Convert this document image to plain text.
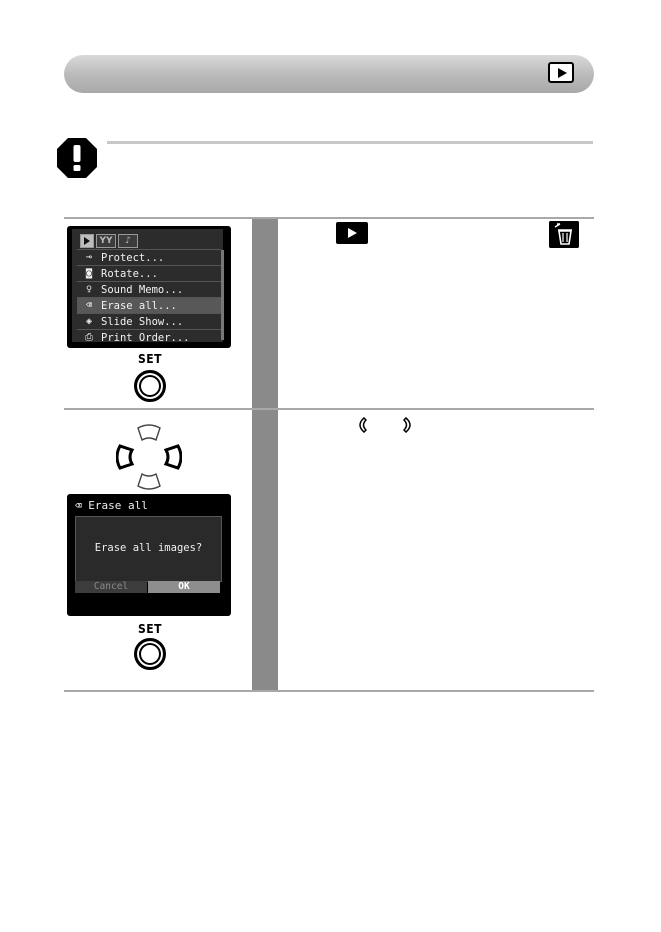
ΥΥ	♪
⊸ Protect...
◙ Rotate...
♀ Sound Memo...
⌫ Erase all...
◈ Slide Show...
⎙ Print Order...
SET
⌫ Erase all
Erase all images?
Cancel	OK
SET
